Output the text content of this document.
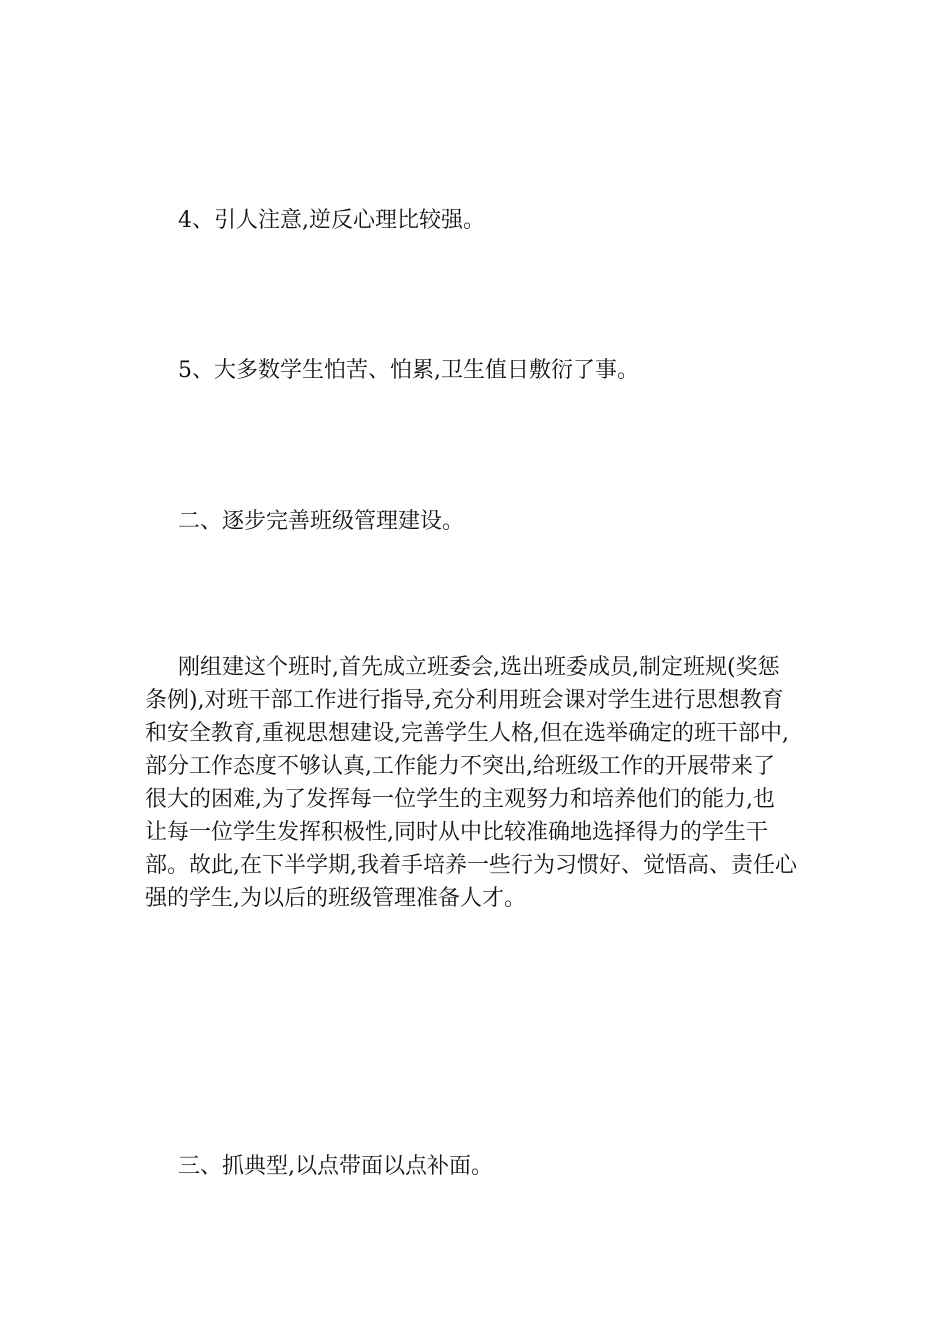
4、引人注意,逆反心理比较强。

5、大多数学生怕苦、怕累,卫生值日敷衍了事。

二、逐步完善班级管理建设。

刚组建这个班时,首先成立班委会,选出班委成员,制定班规(奖惩
条例),对班干部工作进行指导,充分利用班会课对学生进行思想教育
和安全教育,重视思想建设,完善学生人格,但在选举确定的班干部中,
部分工作态度不够认真,工作能力不突出,给班级工作的开展带来了
很大的困难,为了发挥每一位学生的主观努力和培养他们的能力,也
让每一位学生发挥积极性,同时从中比较准确地选择得力的学生干
部。故此,在下半学期,我着手培养一些行为习惯好、觉悟高、责任心
强的学生,为以后的班级管理准备人才。

三、抓典型,以点带面以点补面。
